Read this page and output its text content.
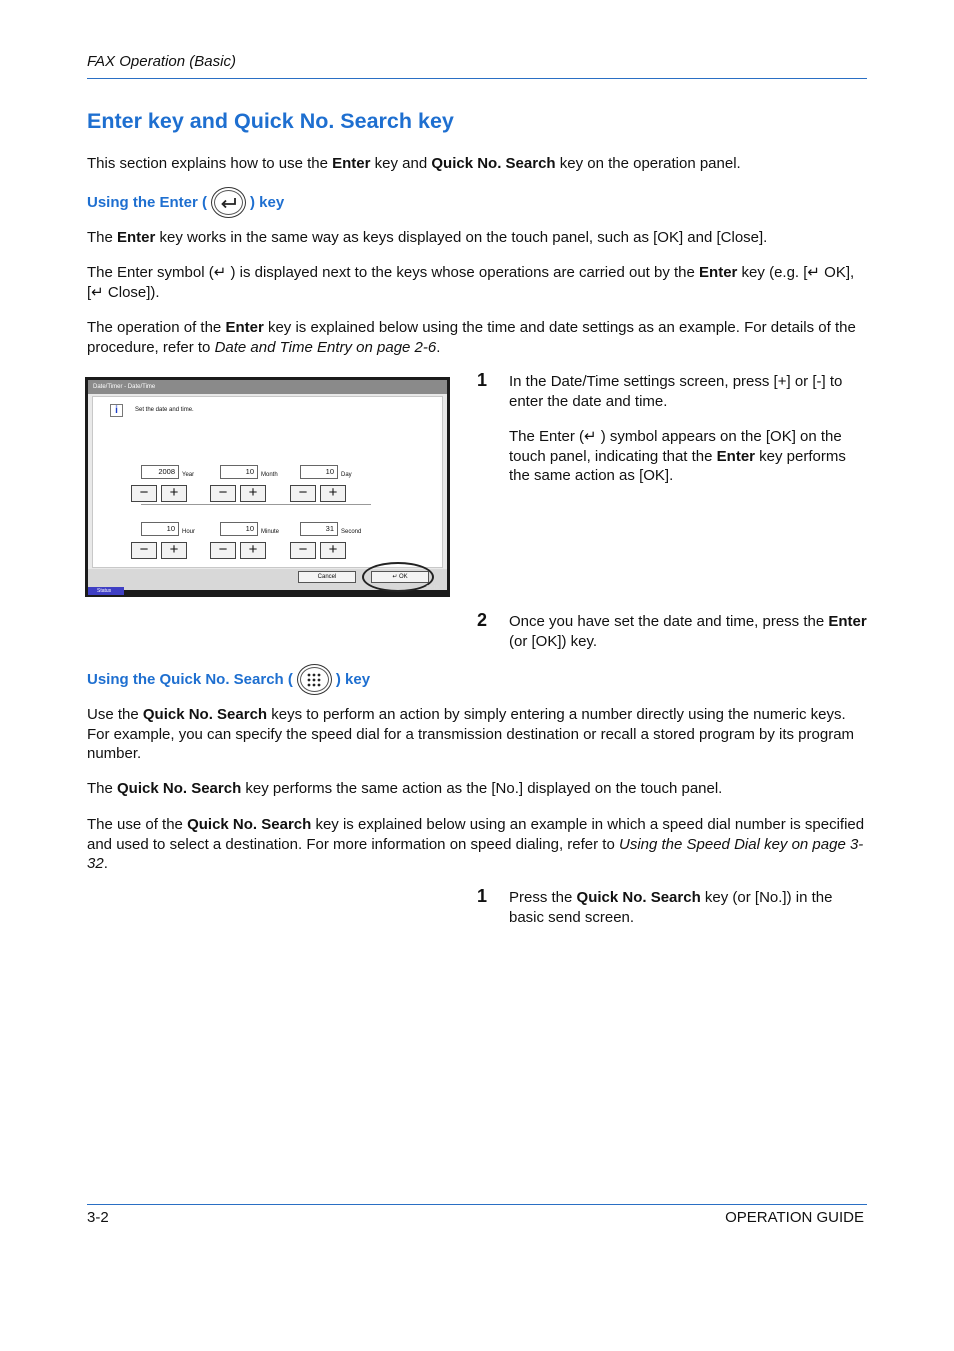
FAX Operation (Basic)
Enter key and Quick No. Search key
This section explains how to use the Enter key and Quick No. Search key on the operation panel.
Using the Enter (	) key
The Enter key works in the same way as keys displayed on the touch panel, such as [OK] and [Close].
The Enter symbol (↵ ) is displayed next to the keys whose operations are carried out by the Enter key (e.g. [↵ OK], [↵ Close]).
The operation of the Enter key is explained below using the time and date settings as an example. For details of the procedure, refer to Date and Time Entry on page 2-6.
Date/Timer - Date/Time
i	Set the date and time.
2008	Year	10	Month	10	Day
−	+	−	+	−	+
10	Hour	10	Minute	31	Second
−	+	−	+	−	+
Cancel	↵ OK
Status	10:10
1 In the Date/Time settings screen, press [+] or [-] to enter the date and time.
The Enter (↵ ) symbol appears on the [OK] on the touch panel, indicating that the Enter key performs the same action as [OK].
2 Once you have set the date and time, press the Enter (or [OK]) key.
Using the Quick No. Search (	) key
Use the Quick No. Search keys to perform an action by simply entering a number directly using the numeric keys. For example, you can specify the speed dial for a transmission destination or recall a stored program by its program number.
The Quick No. Search key performs the same action as the [No.] displayed on the touch panel.
The use of the Quick No. Search key is explained below using an example in which a speed dial number is specified and used to select a destination. For more information on speed dialing, refer to Using the Speed Dial key on page 3-32.
1 Press the Quick No. Search key (or [No.]) in the basic send screen.
3-2	OPERATION GUIDE
